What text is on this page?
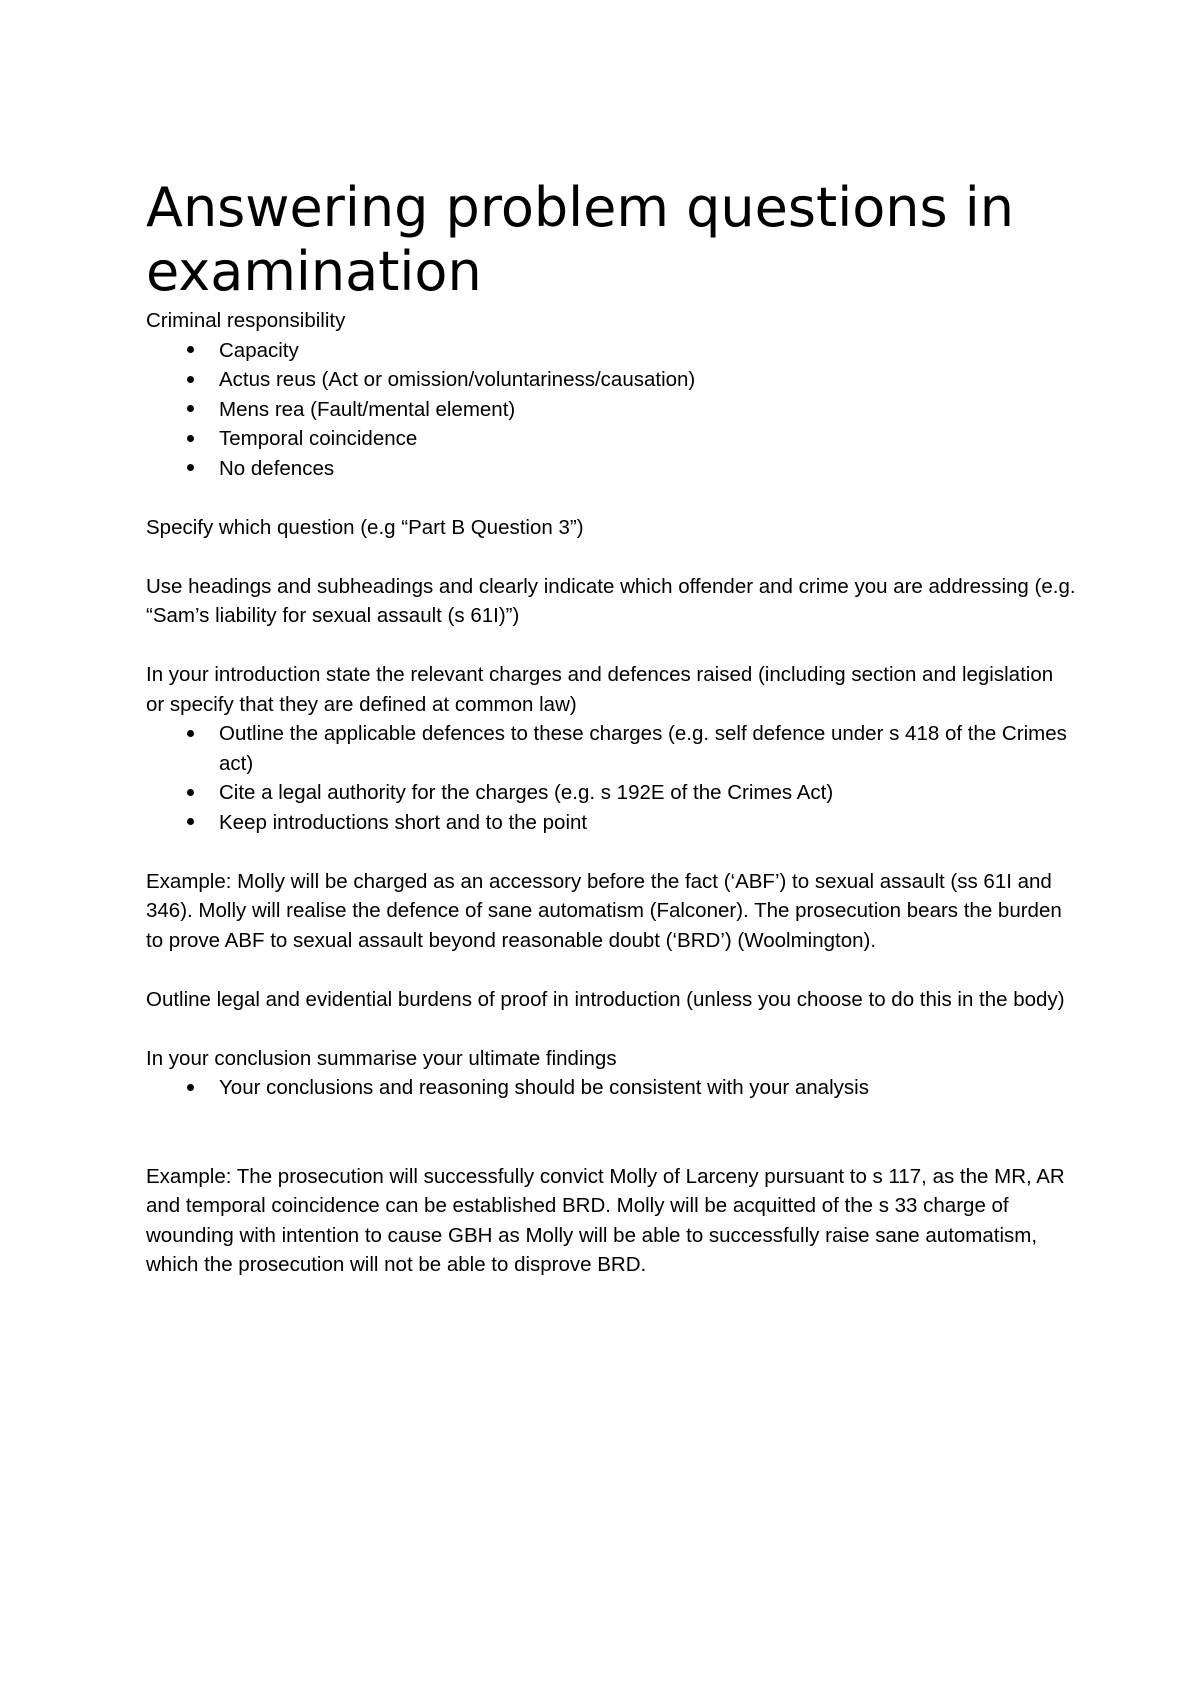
Answering problem questions in examination

Criminal responsibility

Capacity
Actus reus (Act or omission/voluntariness/causation)
Mens rea (Fault/mental element)
Temporal coincidence
No defences

Specify which question (e.g “Part B Question 3”)

Use headings and subheadings and clearly indicate which offender and crime you are addressing (e.g. “Sam’s liability for sexual assault (s 61I)”)

In your introduction state the relevant charges and defences raised (including section and legislation or specify that they are defined at common law)

Outline the applicable defences to these charges (e.g. self defence under s 418 of the Crimes act)
Cite a legal authority for the charges (e.g. s 192E of the Crimes Act)
Keep introductions short and to the point

Example: Molly will be charged as an accessory before the fact (‘ABF’) to sexual assault (ss 61I and 346). Molly will realise the defence of sane automatism (Falconer). The prosecution bears the burden to prove ABF to sexual assault beyond reasonable doubt (‘BRD’) (Woolmington).

Outline legal and evidential burdens of proof in introduction (unless you choose to do this in the body)

In your conclusion summarise your ultimate findings

Your conclusions and reasoning should be consistent with your analysis

Example: The prosecution will successfully convict Molly of Larceny pursuant to s 117, as the MR, AR and temporal coincidence can be established BRD. Molly will be acquitted of the s 33 charge of wounding with intention to cause GBH as Molly will be able to successfully raise sane automatism, which the prosecution will not be able to disprove BRD.
